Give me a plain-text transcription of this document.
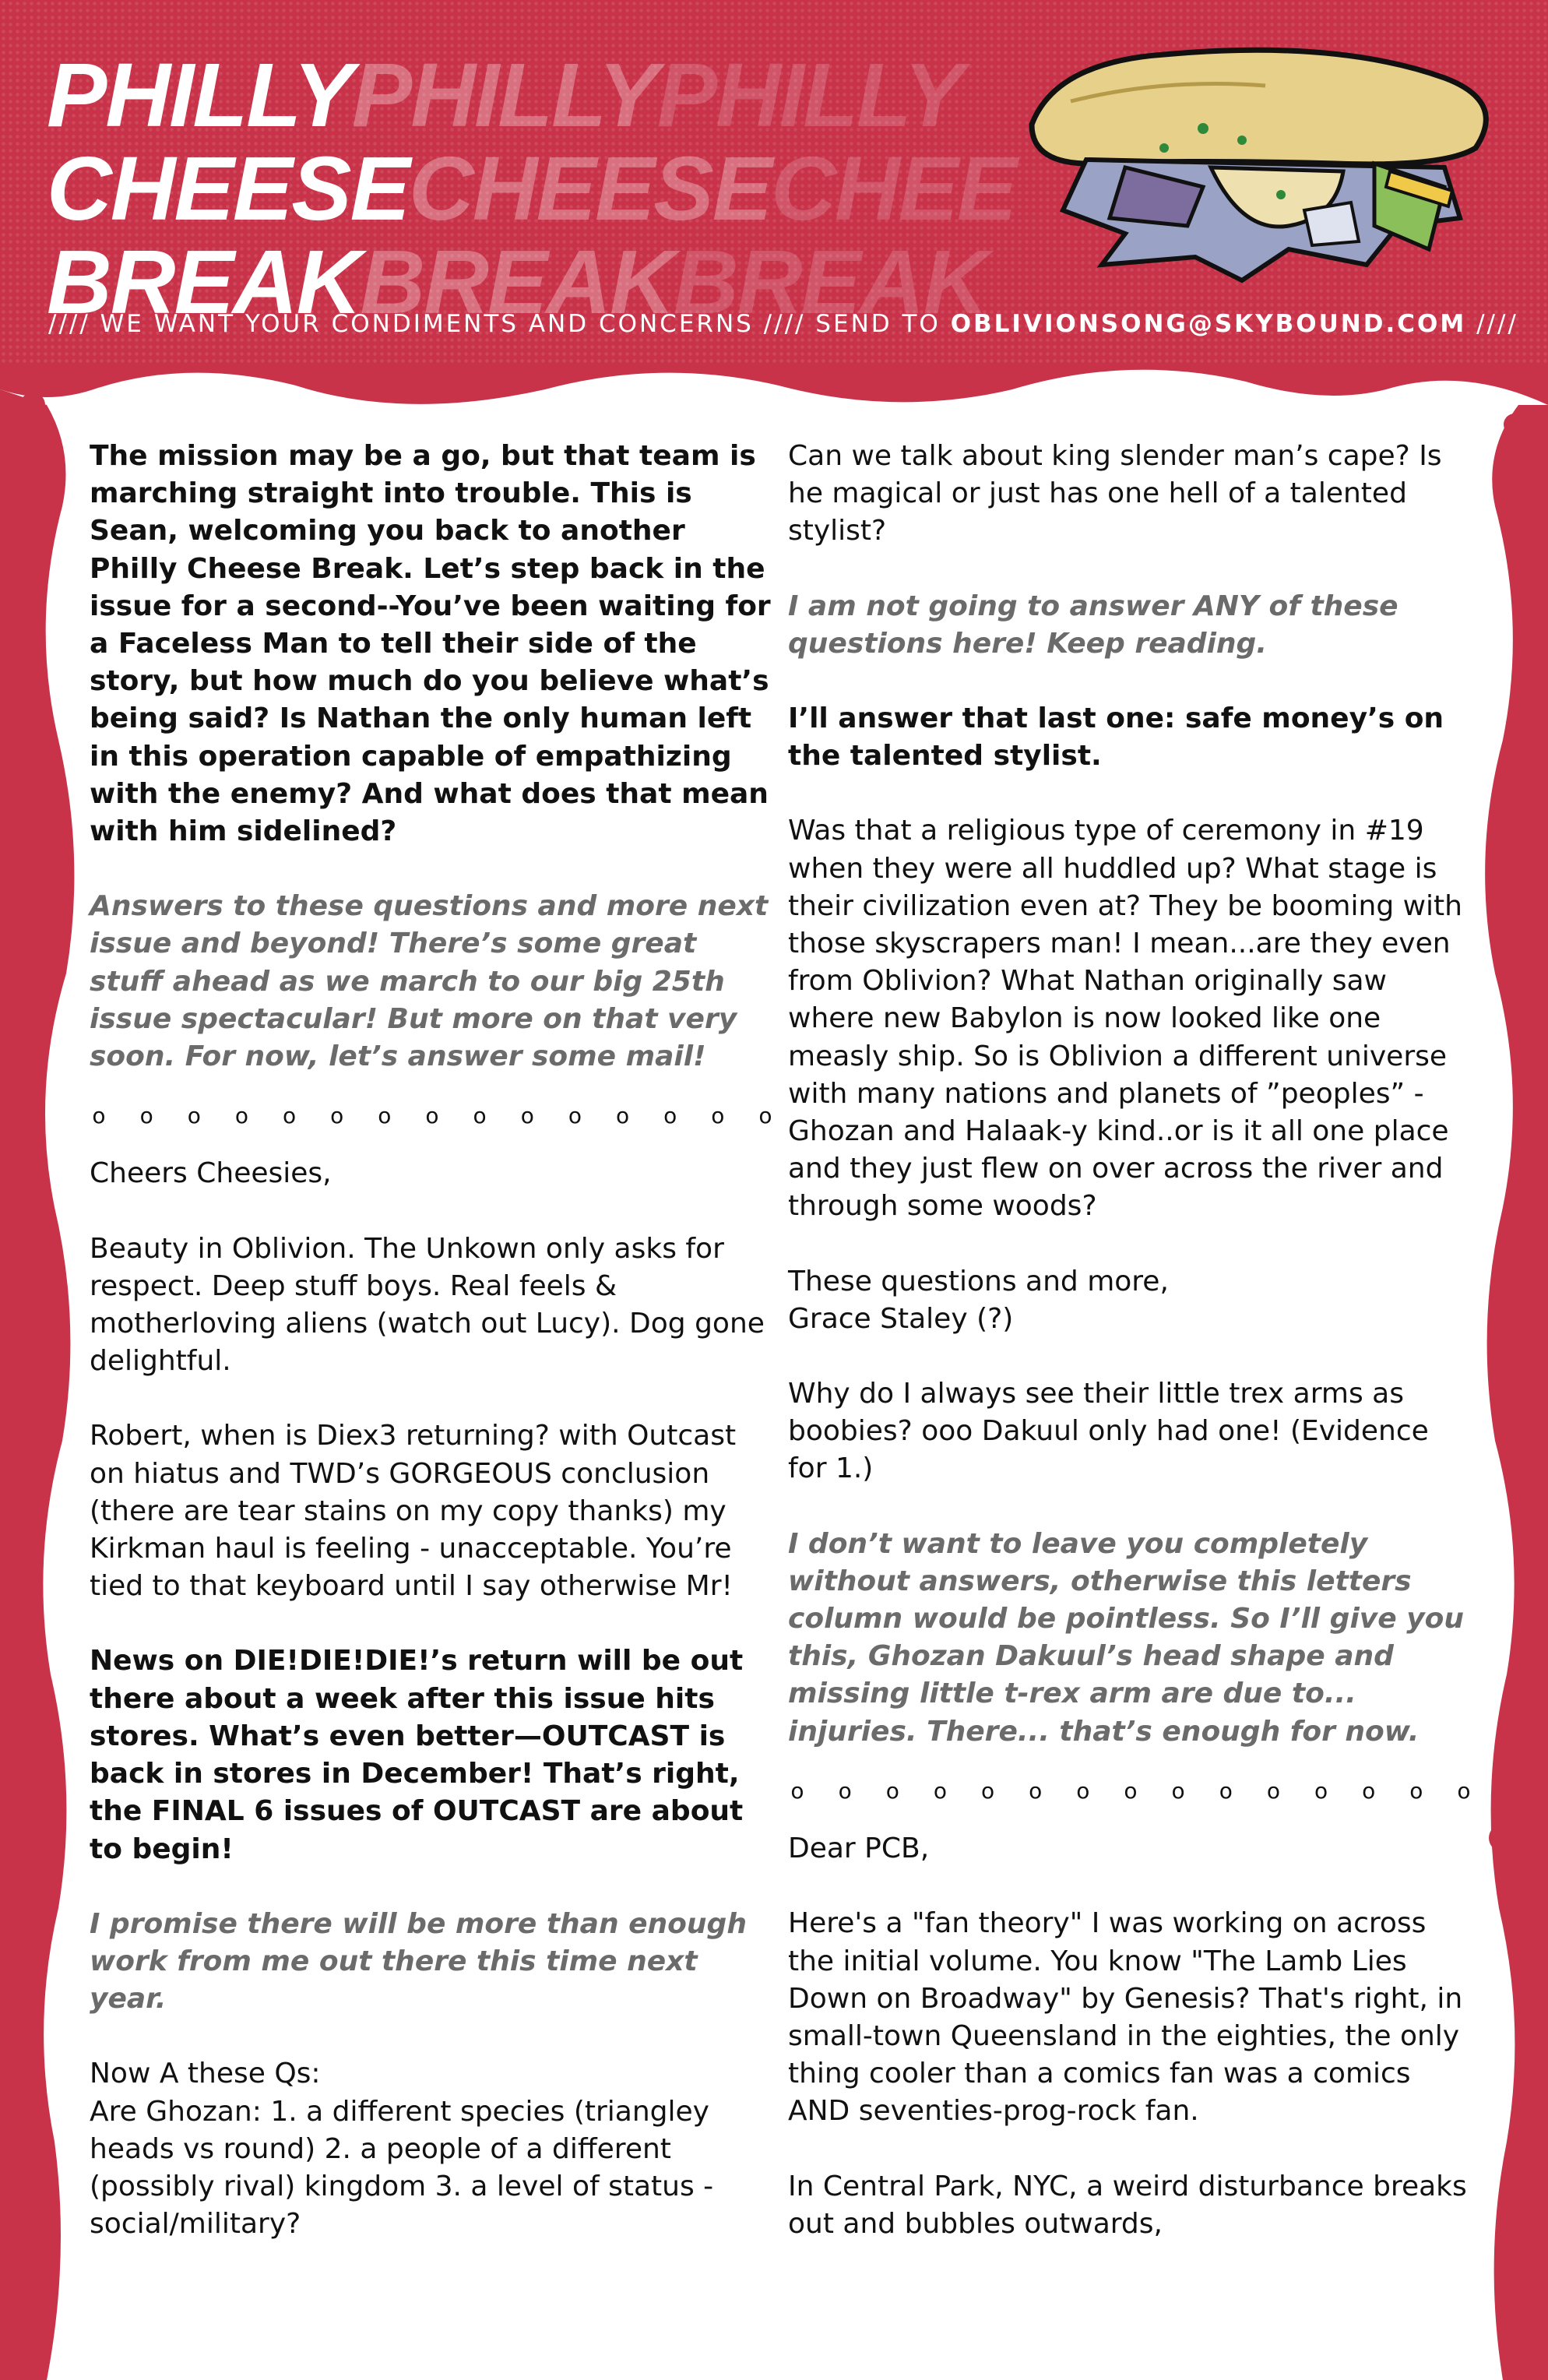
PHILLYPHILLYPHILLY
CHEESECHEESECHEE
BREAKBREAKBREAK
//// WE WANT YOUR CONDIMENTS AND CONCERNS //// SEND TO OBLIVIONSONG@SKYBOUND.COM ////

The mission may be a go, but that team is marching straight into trouble. This is Sean, welcoming you back to another Philly Cheese Break. Let’s step back in the issue for a second--You’ve been waiting for a Faceless Man to tell their side of the story, but how much do you believe what’s being said? Is Nathan the only human left in this operation capable of empathizing with the enemy? And what does that mean with him sidelined?

Answers to these questions and more next issue and beyond! There’s some great stuff ahead as we march to our big 25th issue spectacular! But more on that very soon. For now, let’s answer some mail!

o o o o o o o o o o o o o o o

Cheers Cheesies,

Beauty in Oblivion. The Unkown only asks for respect. Deep stuff boys. Real feels & motherloving aliens (watch out Lucy). Dog gone delightful.

Robert, when is Diex3 returning? with Outcast on hiatus and TWD’s GORGEOUS conclusion (there are tear stains on my copy thanks) my Kirkman haul is feeling - unacceptable. You’re tied to that keyboard until I say otherwise Mr!

News on DIE!DIE!DIE!’s return will be out there about a week after this issue hits stores. What’s even better—OUTCAST is back in stores in December! That’s right, the FINAL 6 issues of OUTCAST are about to begin!

I promise there will be more than enough work from me out there this time next year.

Now A these Qs:

Are Ghozan: 1. a different species (triangley heads vs round) 2. a people of a different (possibly rival) kingdom 3. a level of status - social/military?

Can we talk about king slender man’s cape? Is he magical or just has one hell of a talented stylist?

I am not going to answer ANY of these questions here! Keep reading.

I’ll answer that last one: safe money’s on the talented stylist.

Was that a religious type of ceremony in #19 when they were all huddled up? What stage is their civilization even at? They be booming with those skyscrapers man! I mean...are they even from Oblivion? What Nathan originally saw where new Babylon is now looked like one measly ship. So is Oblivion a different universe with many nations and planets of ”peoples” - Ghozan and Halaak-y kind..or is it all one place and they just flew on over across the river and through some woods?

These questions and more,
Grace Staley (?)

Why do I always see their little trex arms as boobies? ooo Dakuul only had one! (Evidence for 1.)

I don’t want to leave you completely without answers, otherwise this letters column would be pointless. So I’ll give you this, Ghozan Dakuul’s head shape and missing little t-rex arm are due to... injuries. There... that’s enough for now.

o o o o o o o o o o o o o o o

Dear PCB,

Here's a "fan theory" I was working on across the initial volume. You know "The Lamb Lies Down on Broadway" by Genesis? That's right, in small-town Queensland in the eighties, the only thing cooler than a comics fan was a comics AND seventies-prog-rock fan.

In Central Park, NYC, a weird disturbance breaks out and bubbles outwards,
